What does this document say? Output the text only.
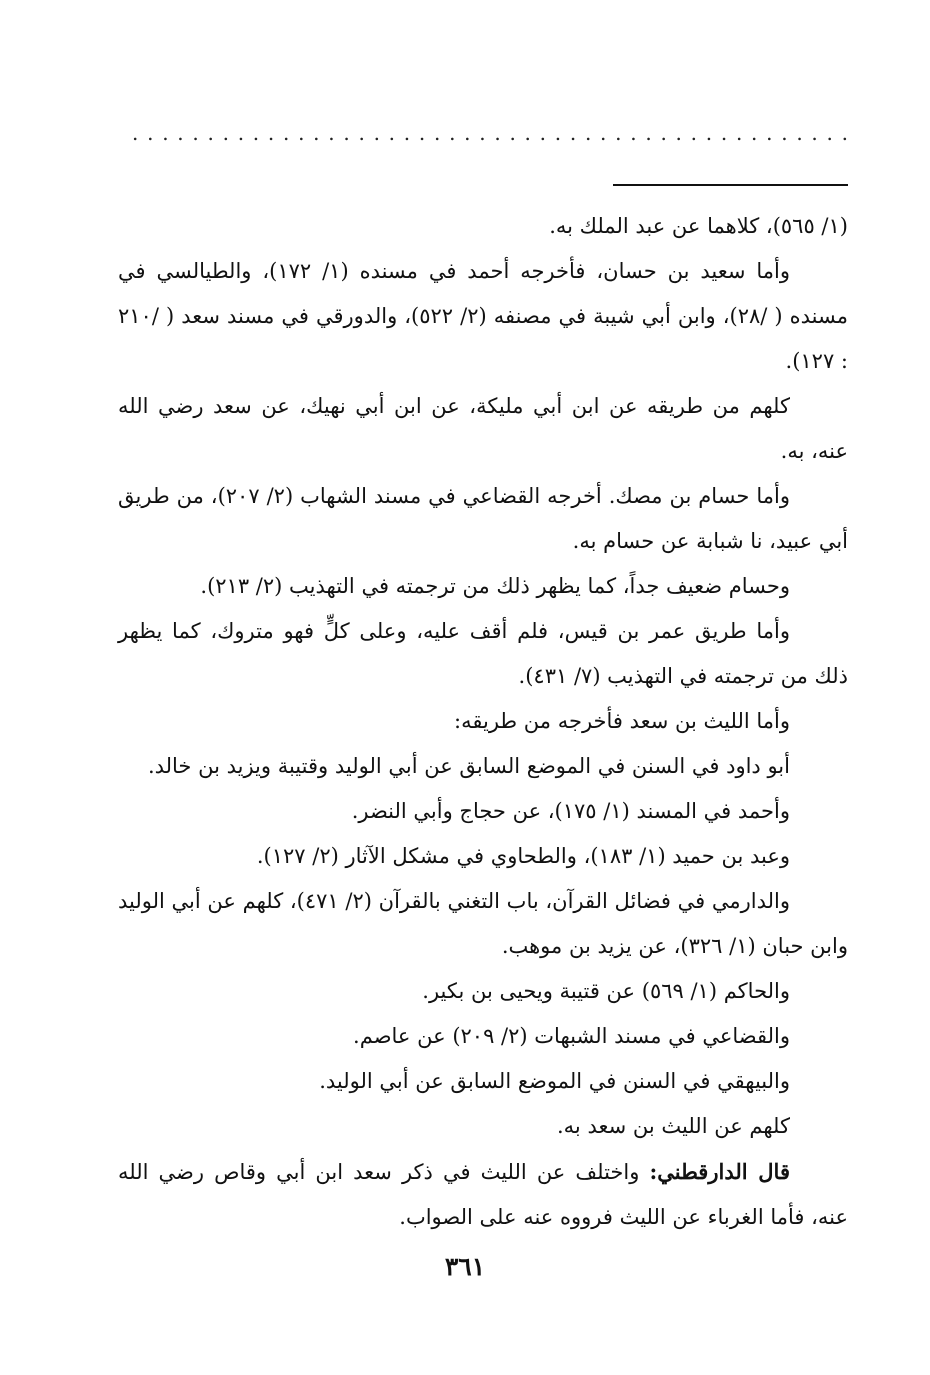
. . . . . . . . . . . . . . . . . . . . . . . . . . . . . . . . . . . . . . . . . . . . . . . .

(١/ ٥٦٥)، كلاهما عن عبد الملك به.

وأما سعيد بن حسان، فأخرجه أحمد في مسنده (١/ ١٧٢)، والطيالسي في مسنده ( /٢٨)، وابن أبي شيبة في مصنفه (٢/ ٥٢٢)، والدورقي في مسند سعد ( /٢١٠ : ١٢٧).

كلهم من طريقه عن ابن أبي مليكة، عن ابن أبي نهيك، عن سعد رضي الله عنه، به.

وأما حسام بن مصك. أخرجه القضاعي في مسند الشهاب (٢/ ٢٠٧)، من طريق أبي عبيد، نا شبابة عن حسام به.

وحسام ضعيف جداً، كما يظهر ذلك من ترجمته في التهذيب (٢/ ٢١٣).

وأما طريق عمر بن قيس، فلم أقف عليه، وعلى كلٍّ فهو متروك، كما يظهر ذلك من ترجمته في التهذيب (٧/ ٤٣١).

وأما الليث بن سعد فأخرجه من طريقه:

أبو داود في السنن في الموضع السابق عن أبي الوليد وقتيبة ويزيد بن خالد.

وأحمد في المسند (١/ ١٧٥)، عن حجاج وأبي النضر.

وعبد بن حميد (١/ ١٨٣)، والطحاوي في مشكل الآثار (٢/ ١٢٧).

والدارمي في فضائل القرآن، باب التغني بالقرآن (٢/ ٤٧١)، كلهم عن أبي الوليد وابن حبان (١/ ٣٢٦)، عن يزيد بن موهب.

والحاكم (١/ ٥٦٩) عن قتيبة ويحيى بن بكير.

والقضاعي في مسند الشبهات (٢/ ٢٠٩) عن عاصم.

والبيهقي في السنن في الموضع السابق عن أبي الوليد.

كلهم عن الليث بن سعد به.

قال الدارقطني: واختلف عن الليث في ذكر سعد ابن أبي وقاص رضي الله عنه، فأما الغرباء عن الليث فرووه عنه على الصواب.

٣٦١
